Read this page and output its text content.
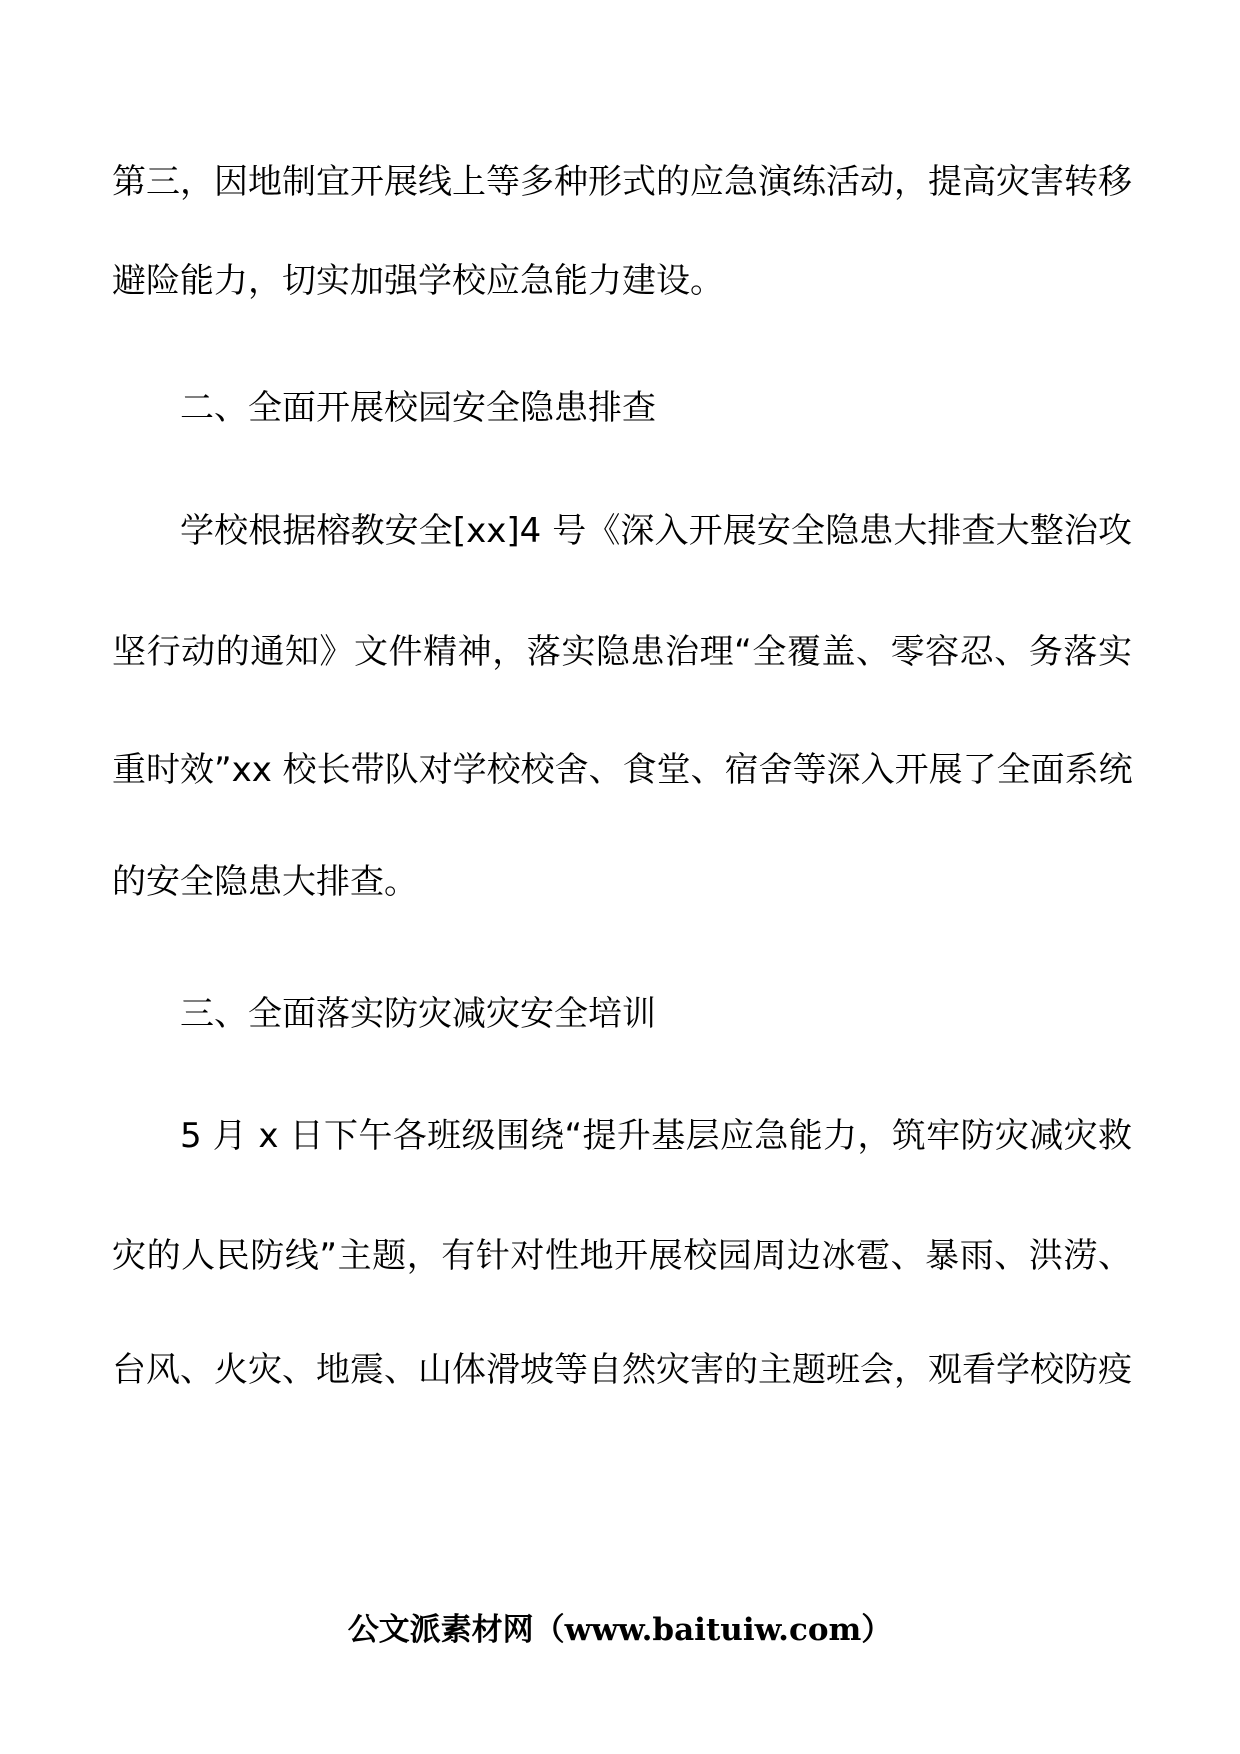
第三，因地制宜开展线上等多种形式的应急演练活动，提高灾害转移
避险能力，切实加强学校应急能力建设。
二、全面开展校园安全隐患排查
学校根据榕教安全[xx]4 号《深入开展安全隐患大排查大整治攻
坚行动的通知》文件精神，落实隐患治理“全覆盖、零容忍、务落实
重时效”xx 校长带队对学校校舍、食堂、宿舍等深入开展了全面系统
的安全隐患大排查。
三、全面落实防灾减灾安全培训
5 月 x 日下午各班级围绕“提升基层应急能力，筑牢防灾减灾救
灾的人民防线”主题，有针对性地开展校园周边冰雹、暴雨、洪涝、
台风、火灾、地震、山体滑坡等自然灾害的主题班会，观看学校防疫
公文派素材网（www.baituiw.com）
